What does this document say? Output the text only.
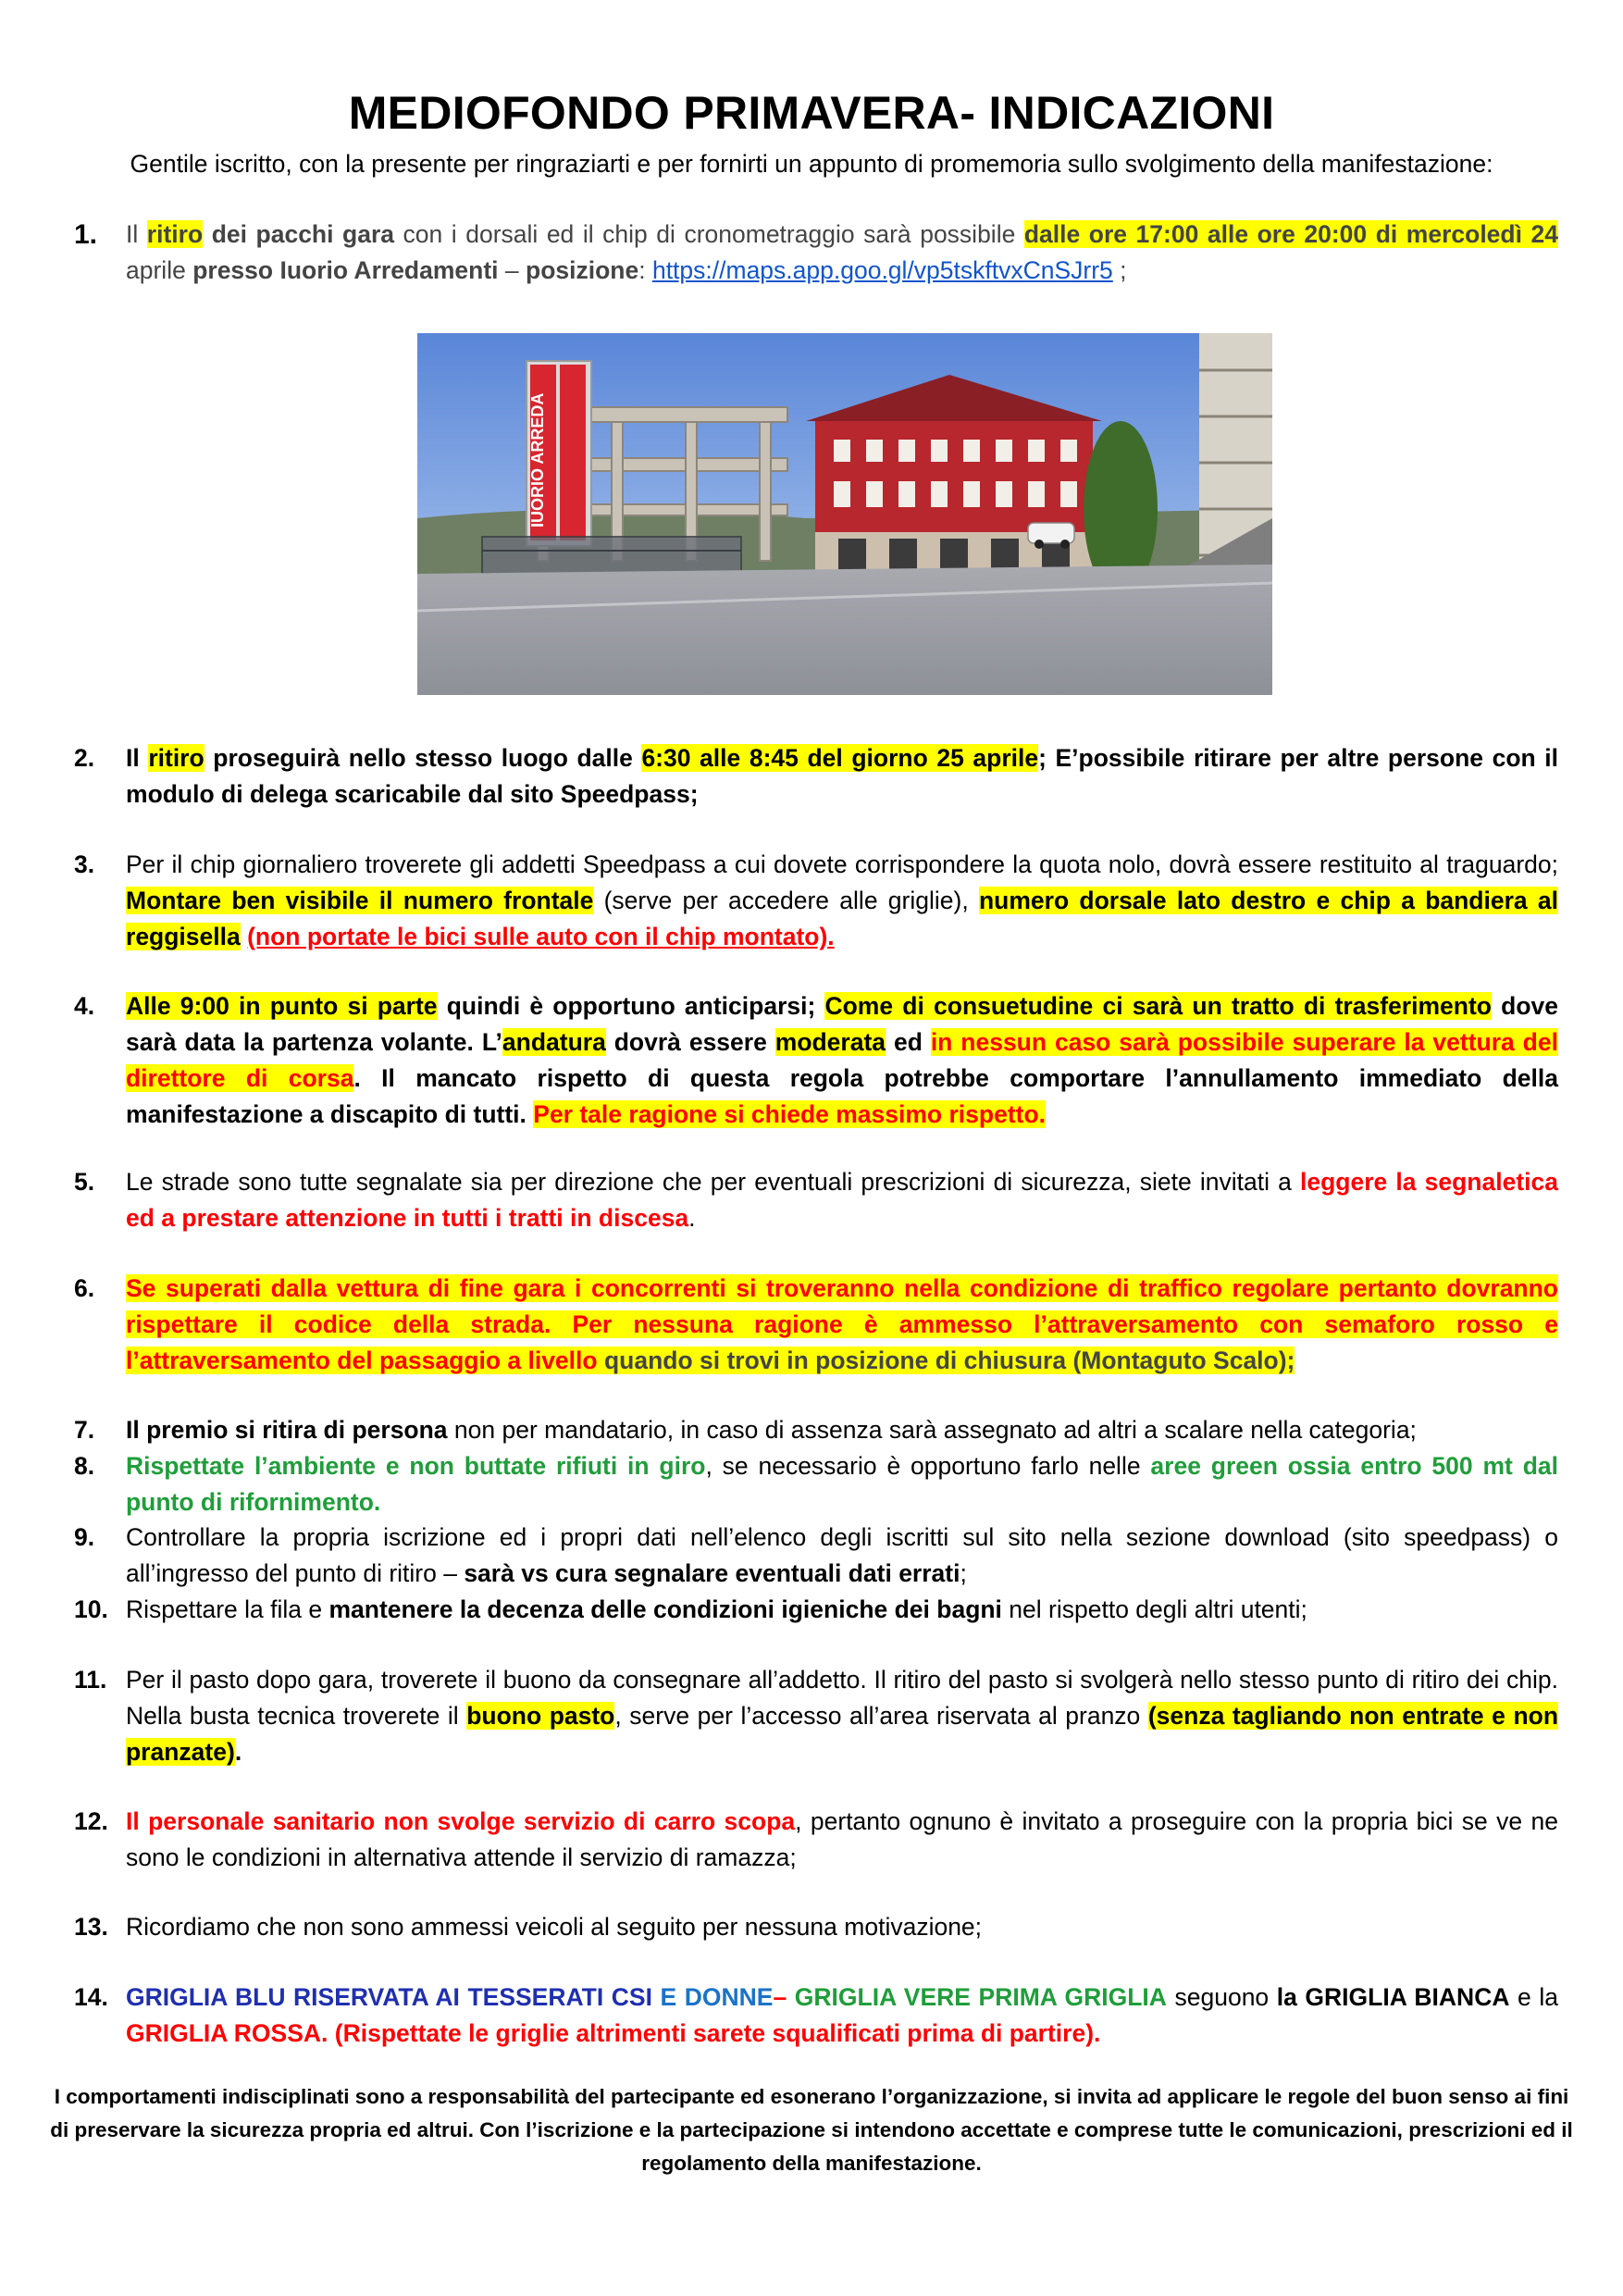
MEDIOFONDO PRIMAVERA- INDICAZIONI

Gentile iscritto, con la presente per ringraziarti e per fornirti un appunto di promemoria sullo svolgimento della manifestazione:

1.	Il ritiro dei pacchi gara con i dorsali ed il chip di cronometraggio sarà possibile dalle ore 17:00 alle ore 20:00 di mercoledì 24 aprile presso Iuorio Arredamenti – posizione: https://maps.app.goo.gl/vp5tskftvxCnSJrr5 ;
IUORIO ARREDA
2.	Il ritiro proseguirà nello stesso luogo dalle 6:30 alle 8:45 del giorno 25 aprile; E’possibile ritirare per altre persone con il modulo di delega scaricabile dal sito Speedpass;
3.	Per il chip giornaliero troverete gli addetti Speedpass a cui dovete corrispondere la quota nolo, dovrà essere restituito al traguardo; Montare ben visibile il numero frontale (serve per accedere alle griglie), numero dorsale lato destro e chip a bandiera al reggisella (non portate le bici sulle auto con il chip montato).
4.	Alle 9:00 in punto si parte quindi è opportuno anticiparsi; Come di consuetudine ci sarà un tratto di trasferimento dove sarà data la partenza volante. L’andatura dovrà essere moderata ed in nessun caso sarà possibile superare la vettura del direttore di corsa. Il mancato rispetto di questa regola potrebbe comportare l’annullamento immediato della manifestazione a discapito di tutti. Per tale ragione si chiede massimo rispetto.
5.	Le strade sono tutte segnalate sia per direzione che per eventuali prescrizioni di sicurezza, siete invitati a leggere la segnaletica ed a prestare attenzione in tutti i tratti in discesa.
6.	Se superati dalla vettura di fine gara i concorrenti si troveranno nella condizione di traffico regolare pertanto dovranno rispettare il codice della strada. Per nessuna ragione è ammesso l’attraversamento con semaforo rosso e l’attraversamento del passaggio a livello quando si trovi in posizione di chiusura (Montaguto Scalo);
7.	Il premio si ritira di persona non per mandatario, in caso di assenza sarà assegnato ad altri a scalare nella categoria;
8.	Rispettate l’ambiente e non buttate rifiuti in giro, se necessario è opportuno farlo nelle aree green ossia entro 500 mt dal punto di rifornimento.
9.	Controllare la propria iscrizione ed i propri dati nell’elenco degli iscritti sul sito nella sezione download (sito speedpass) o all’ingresso del punto di ritiro – sarà vs cura segnalare eventuali dati errati;
10. Rispettare la fila e mantenere la decenza delle condizioni igieniche dei bagni nel rispetto degli altri utenti;
11. Per il pasto dopo gara, troverete il buono da consegnare all’addetto. Il ritiro del pasto si svolgerà nello stesso punto di ritiro dei chip. Nella busta tecnica troverete il buono pasto, serve per l’accesso all’area riservata al pranzo (senza tagliando non entrate e non pranzate).
12. Il personale sanitario non svolge servizio di carro scopa, pertanto ognuno è invitato a proseguire con la propria bici se ve ne sono le condizioni in alternativa attende il servizio di ramazza;
13. Ricordiamo che non sono ammessi veicoli al seguito per nessuna motivazione;
14. GRIGLIA BLU RISERVATA AI TESSERATI CSI E DONNE– GRIGLIA VERE PRIMA GRIGLIA seguono la GRIGLIA BIANCA e la GRIGLIA ROSSA. (Rispettate le griglie altrimenti sarete squalificati prima di partire).

I comportamenti indisciplinati sono a responsabilità del partecipante ed esonerano l’organizzazione, si invita ad applicare le regole del buon senso ai fini di preservare la sicurezza propria ed altrui. Con l’iscrizione e la partecipazione si intendono accettate e comprese tutte le comunicazioni, prescrizioni ed il regolamento della manifestazione.
